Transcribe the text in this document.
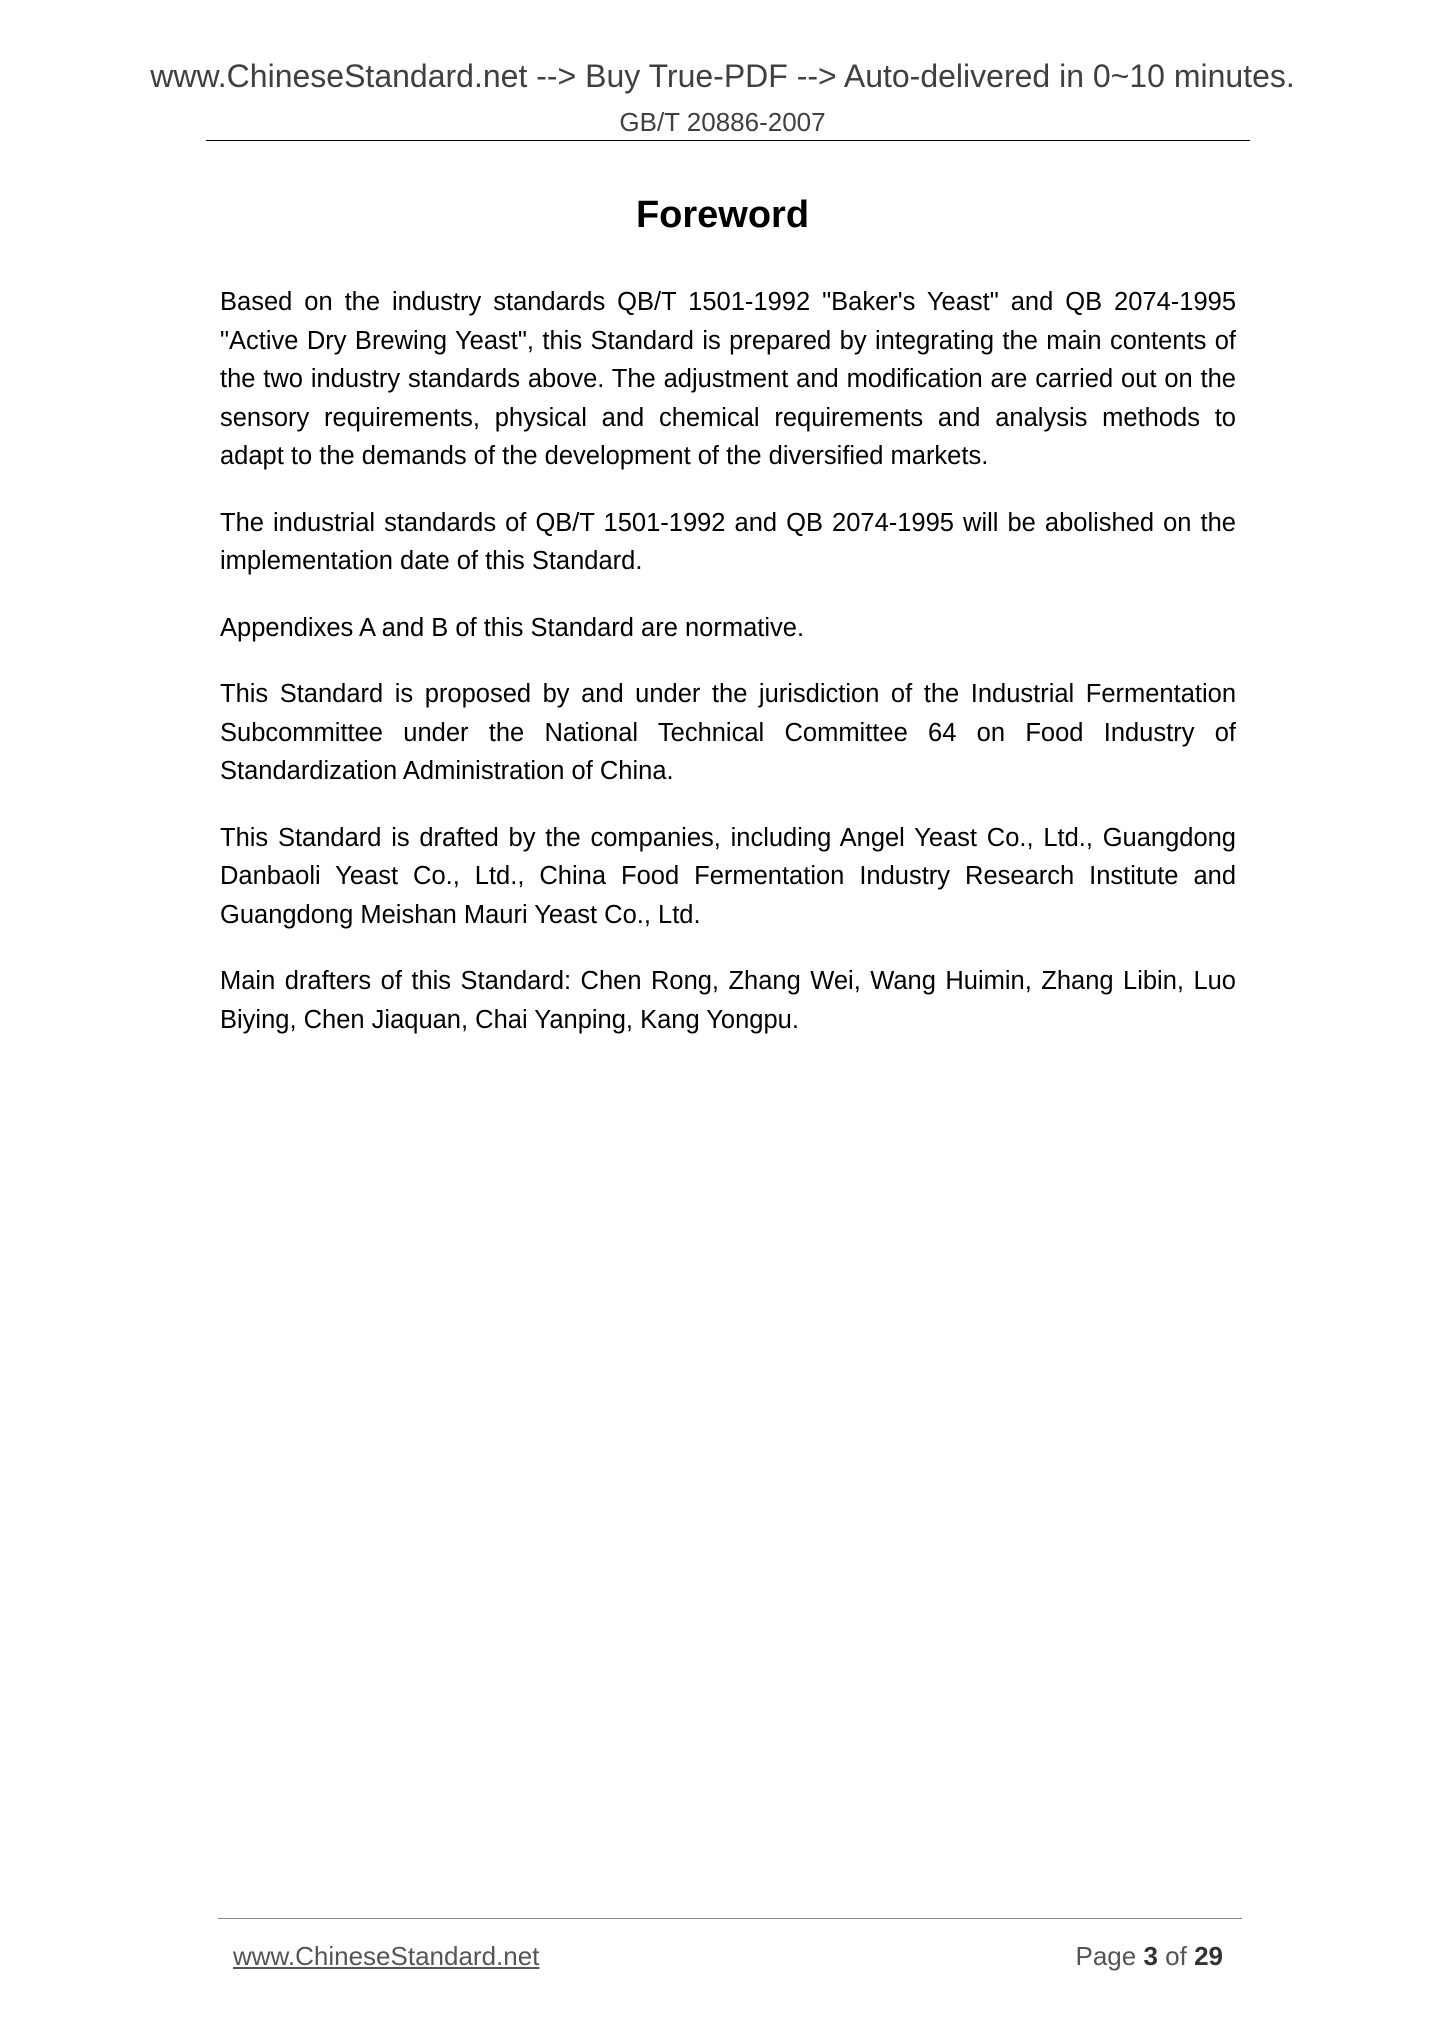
www.ChineseStandard.net --> Buy True-PDF --> Auto-delivered in 0~10 minutes.
GB/T 20886-2007
Foreword

Based on the industry standards QB/T 1501-1992 "Baker's Yeast" and QB 2074-1995 "Active Dry Brewing Yeast", this Standard is prepared by integrating the main contents of the two industry standards above. The adjustment and modification are carried out on the sensory requirements, physical and chemical requirements and analysis methods to adapt to the demands of the development of the diversified markets.

The industrial standards of QB/T 1501-1992 and QB 2074-1995 will be abolished on the implementation date of this Standard.

Appendixes A and B of this Standard are normative.

This Standard is proposed by and under the jurisdiction of the Industrial Fermentation Subcommittee under the National Technical Committee 64 on Food Industry of Standardization Administration of China.

This Standard is drafted by the companies, including Angel Yeast Co., Ltd., Guangdong Danbaoli Yeast Co., Ltd., China Food Fermentation Industry Research Institute and Guangdong Meishan Mauri Yeast Co., Ltd.

Main drafters of this Standard: Chen Rong, Zhang Wei, Wang Huimin, Zhang Libin, Luo Biying, Chen Jiaquan, Chai Yanping, Kang Yongpu.

www.ChineseStandard.net	Page 3 of 29
